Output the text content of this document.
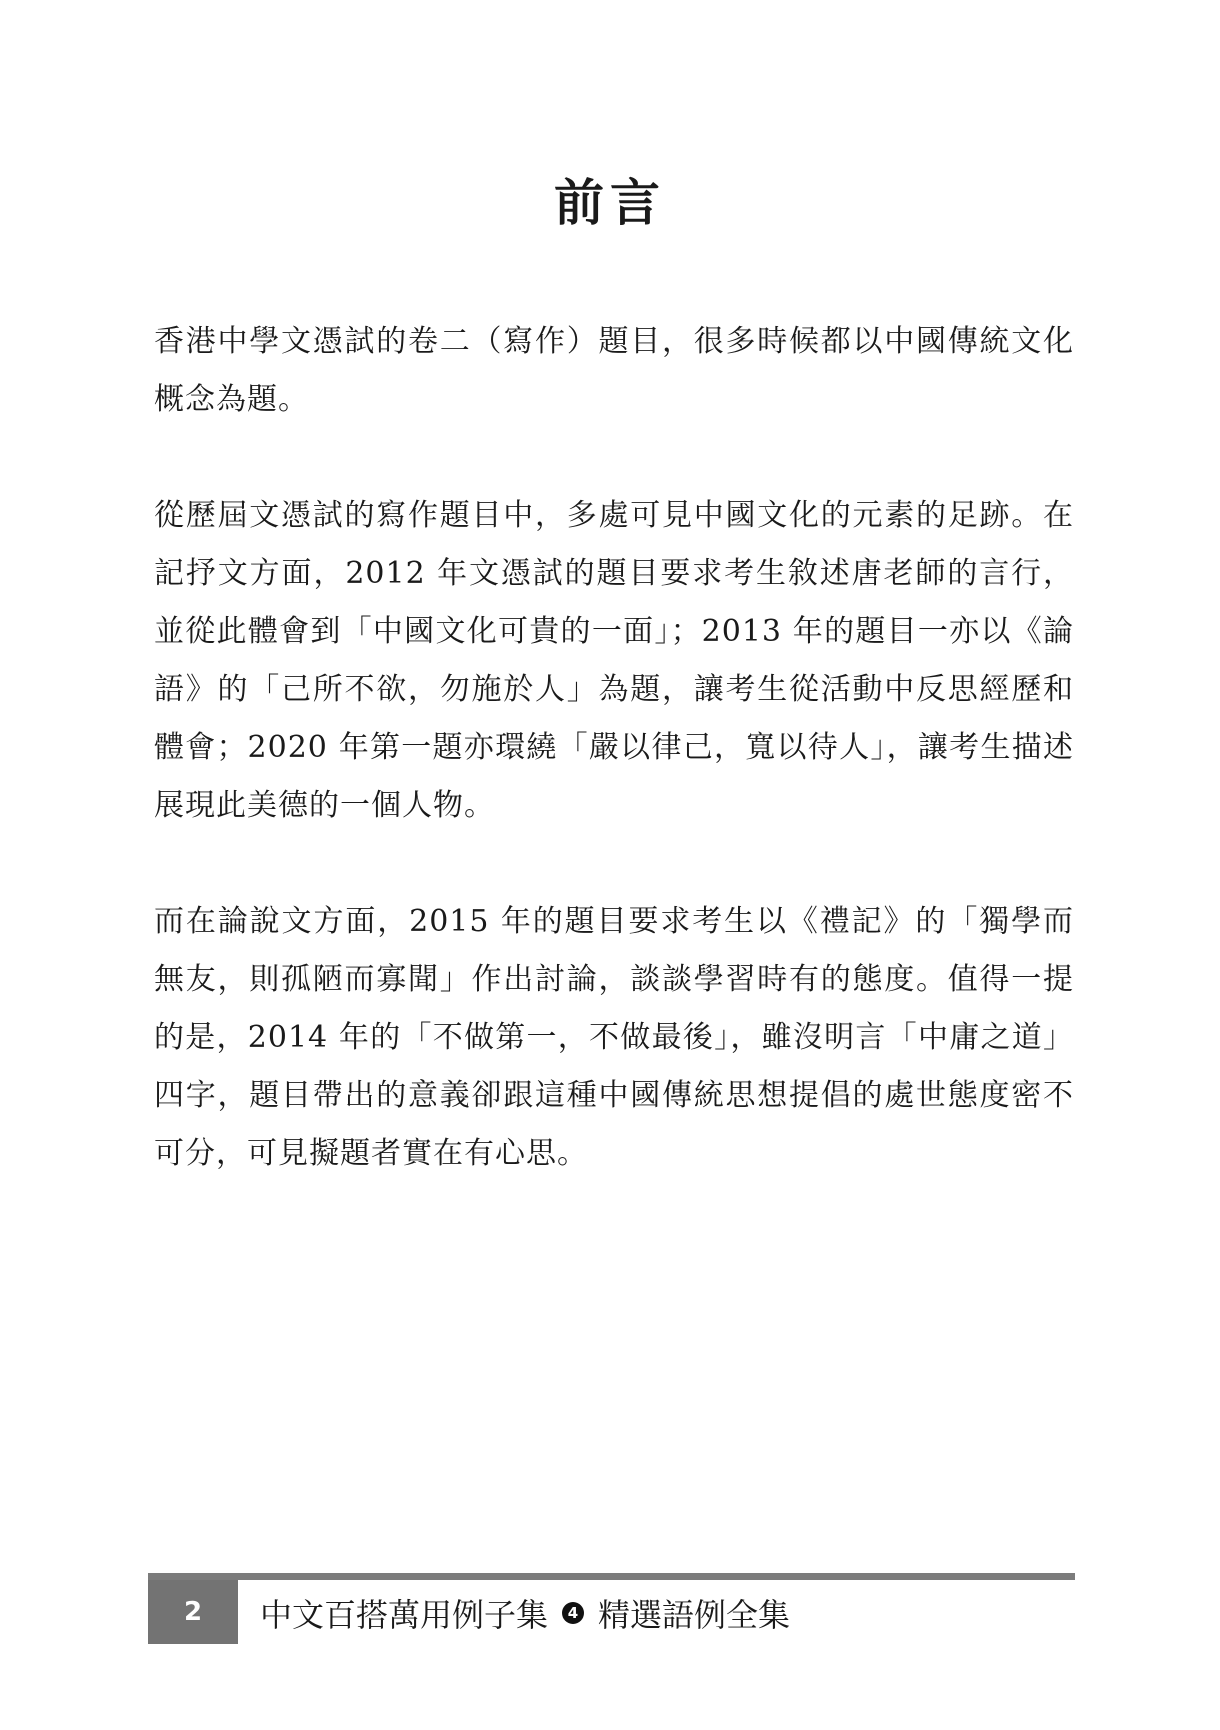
前言

香港中學文憑試的卷二（寫作）題目，很多時候都以中國傳統文化概念為題。

從歷屆文憑試的寫作題目中，多處可見中國文化的元素的足跡。在記抒文方面，2012 年文憑試的題目要求考生敘述唐老師的言行，並從此體會到「中國文化可貴的一面」；2013 年的題目一亦以《論語》的「己所不欲，勿施於人」為題，讓考生從活動中反思經歷和體會；2020 年第一題亦環繞「嚴以律己，寬以待人」，讓考生描述展現此美德的一個人物。

而在論說文方面，2015 年的題目要求考生以《禮記》的「獨學而無友，則孤陋而寡聞」作出討論，談談學習時有的態度。值得一提的是，2014 年的「不做第一，不做最後」，雖沒明言「中庸之道」四字，題目帶出的意義卻跟這種中國傳統思想提倡的處世態度密不可分，可見擬題者實在有心思。

2	中文百搭萬用例子集	4 精選語例全集
